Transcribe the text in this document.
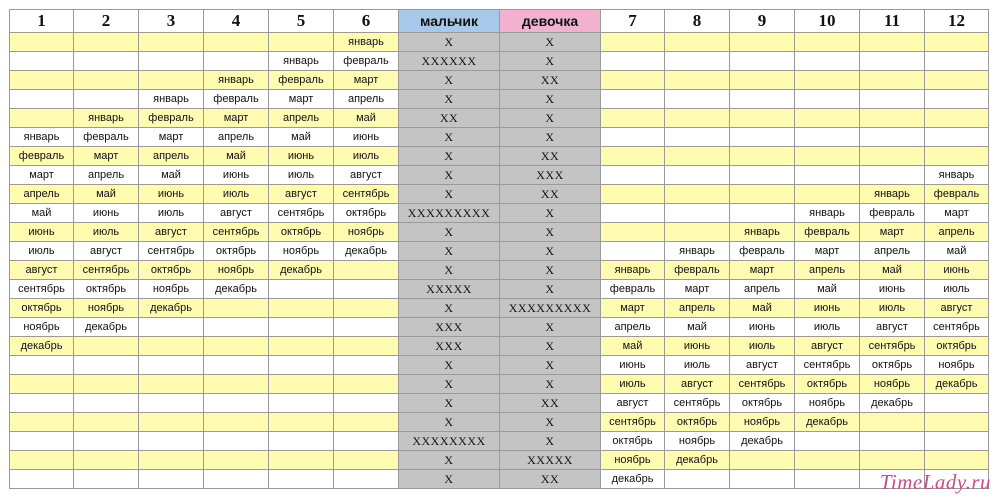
1	2	3	4	5	6	мальчик	девочка	7	8	9	10	11	12
					январь	X	X						
				январь	февраль	XXXXXX	X						
			январь	февраль	март	X	XX						
		январь	февраль	март	апрель	X	X						
	январь	февраль	март	апрель	май	XX	X						
январь	февраль	март	апрель	май	июнь	X	X						
февраль	март	апрель	май	июнь	июль	X	XX						
март	апрель	май	июнь	июль	август	X	XXX						январь
апрель	май	июнь	июль	август	сентябрь	X	XX					январь	февраль
май	июнь	июль	август	сентябрь	октябрь	XXXXXXXXX	X				январь	февраль	март
июнь	июль	август	сентябрь	октябрь	ноябрь	X	X			январь	февраль	март	апрель
июль	август	сентябрь	октябрь	ноябрь	декабрь	X	X		январь	февраль	март	апрель	май
август	сентябрь	октябрь	ноябрь	декабрь		X	X	январь	февраль	март	апрель	май	июнь
сентябрь	октябрь	ноябрь	декабрь			XXXXX	X	февраль	март	апрель	май	июнь	июль
октябрь	ноябрь	декабрь				X	XXXXXXXXX	март	апрель	май	июнь	июль	август
ноябрь	декабрь					XXX	X	апрель	май	июнь	июль	август	сентябрь
декабрь						XXX	X	май	июнь	июль	август	сентябрь	октябрь
						X	X	июнь	июль	август	сентябрь	октябрь	ноябрь
						X	X	июль	август	сентябрь	октябрь	ноябрь	декабрь
						X	XX	август	сентябрь	октябрь	ноябрь	декабрь	
						X	X	сентябрь	октябрь	ноябрь	декабрь		
						XXXXXXXX	X	октябрь	ноябрь	декабрь			
						X	XXXXX	ноябрь	декабрь				
						X	XX	декабрь						TimeLady.ru
